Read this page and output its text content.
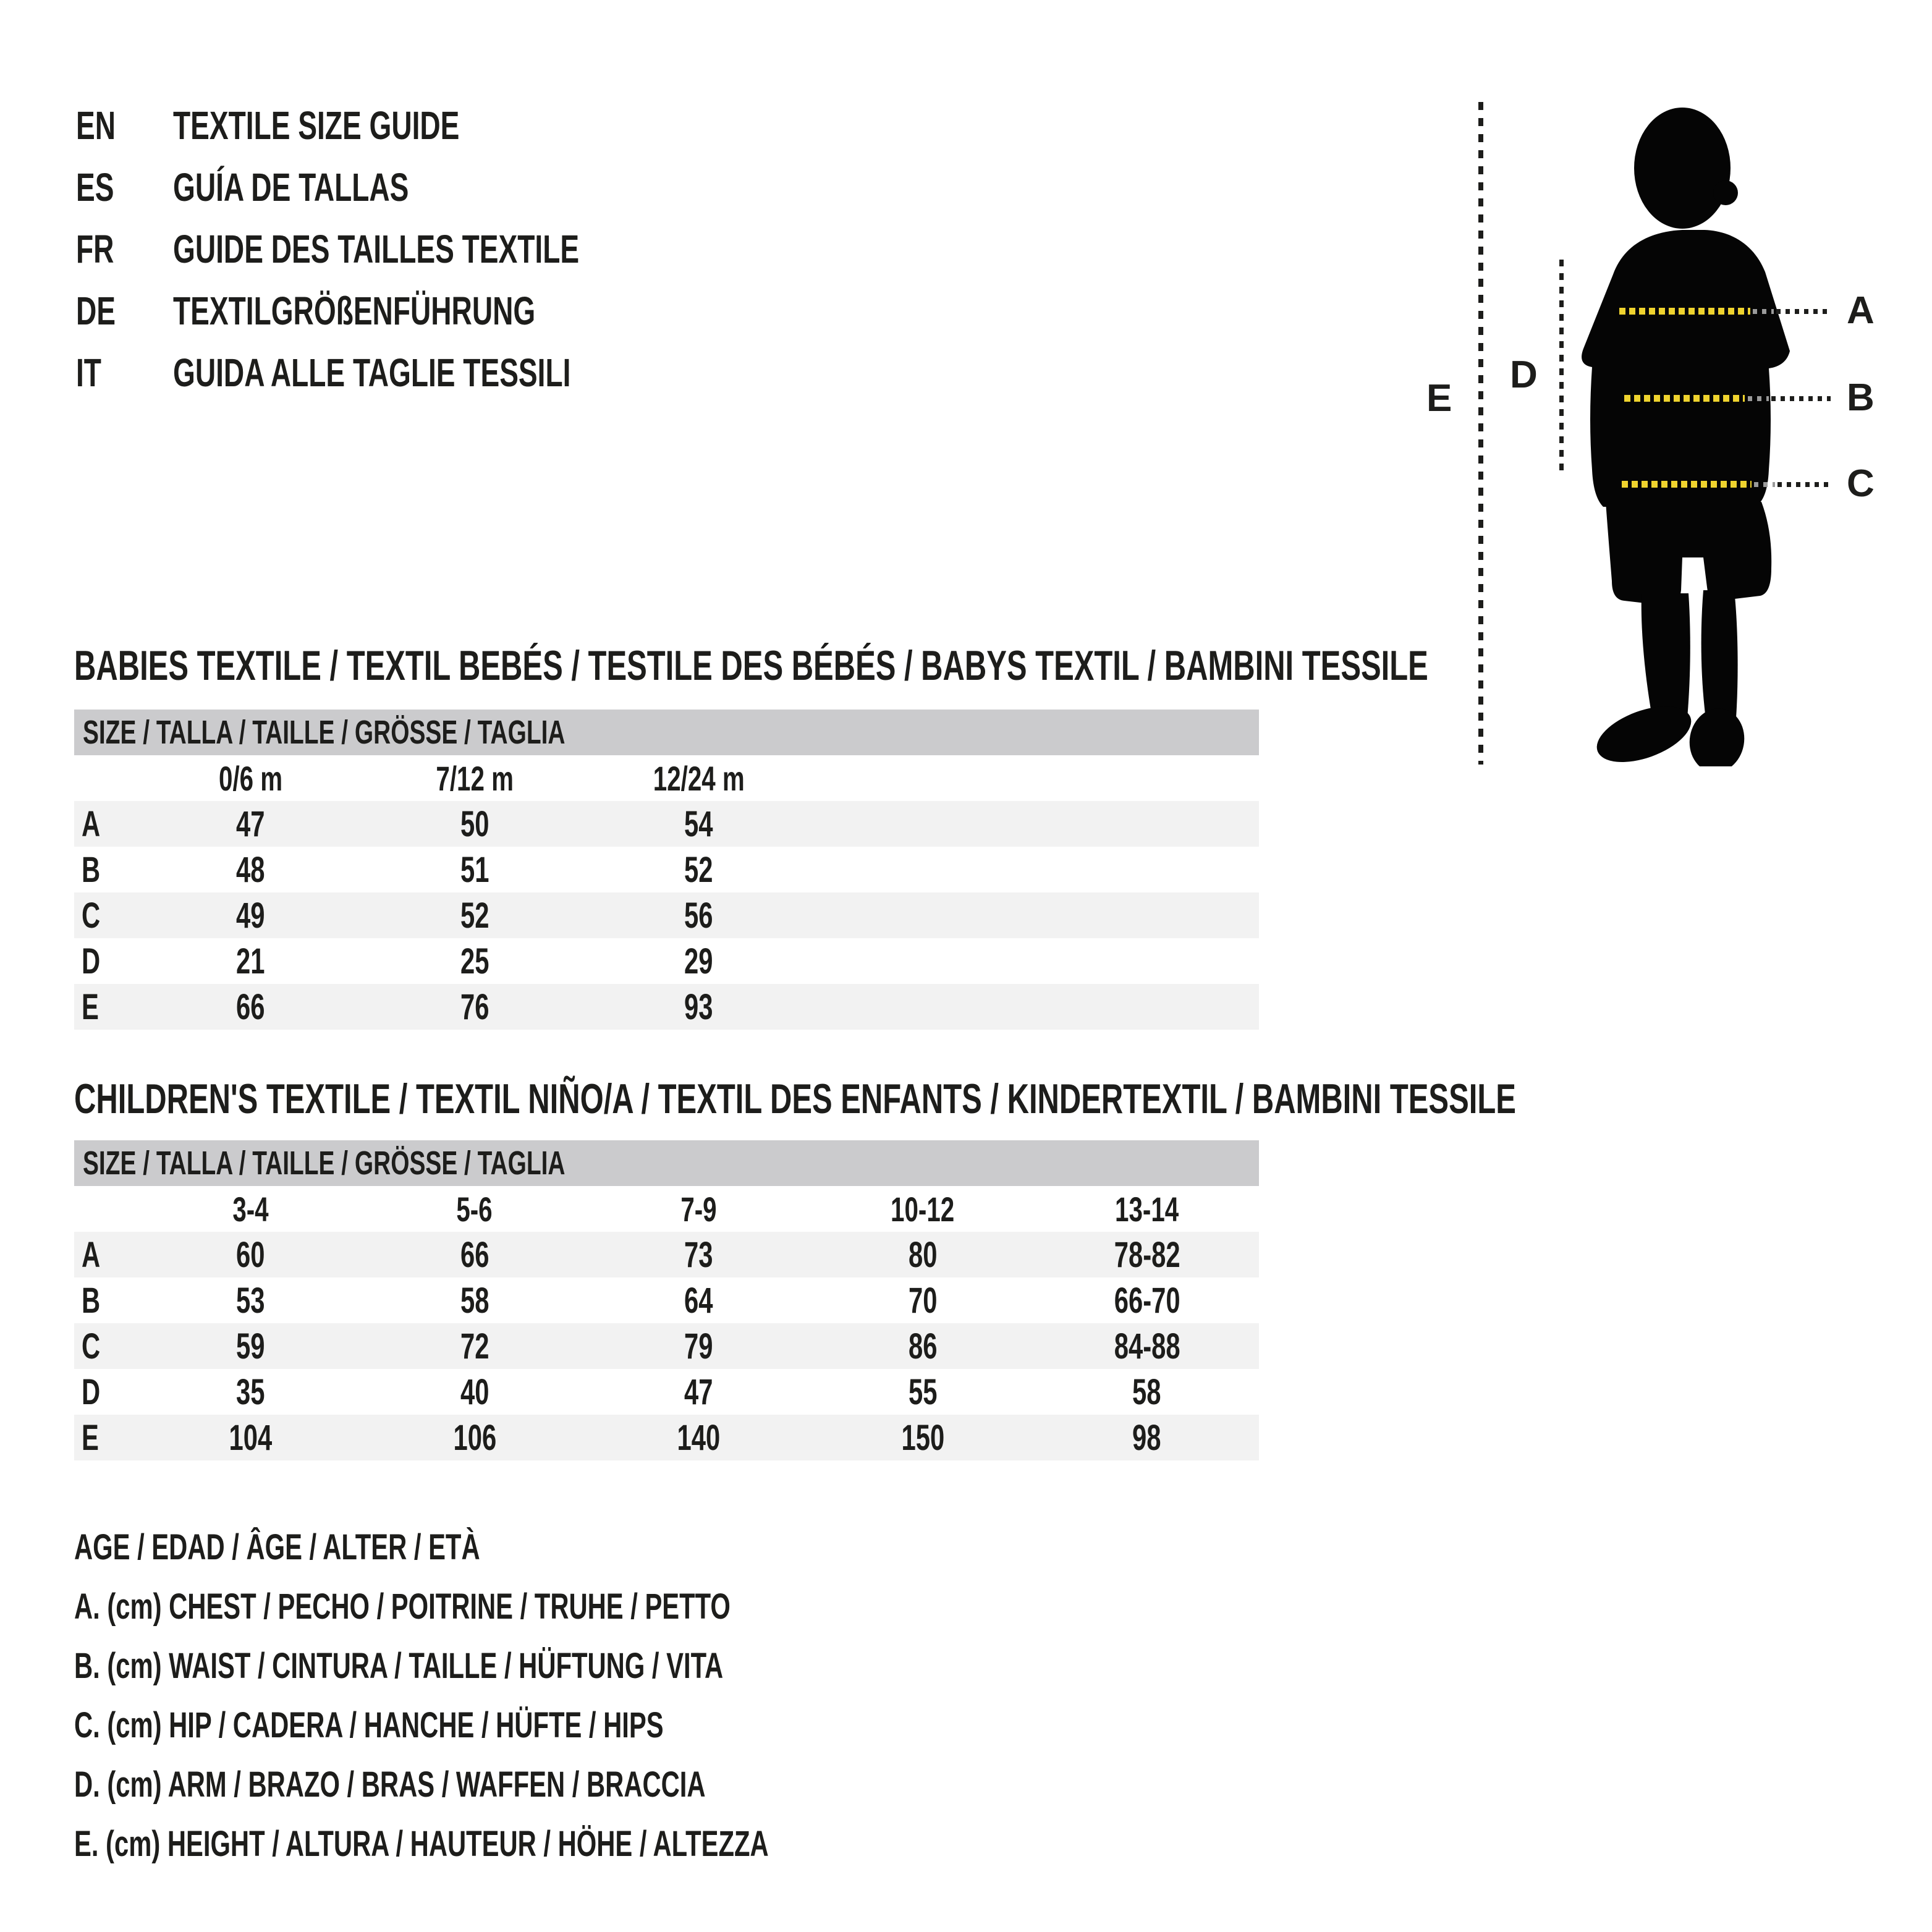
EN	TEXTILE SIZE GUIDE
ES	GUÍA DE TALLAS
FR	GUIDE DES TAILLES TEXTILE
DE	TEXTILGRÖßENFÜHRUNG
IT GUIDA ALLE TAGLIE TESSILI
E
D
A
B
C
BABIES TEXTILE / TEXTIL BEBÉS / TESTILE DES BÉBÉS / BABYS TEXTIL / BAMBINI TESSILE
SIZE / TALLA / TAILLE / GRÖSSE / TAGLIA
0/6 m	7/12 m	12/24 m
A	47	50	54
B	48	51	52
C	49	52	56
D	21	25	29
E	66	76	93
CHILDREN'S TEXTILE / TEXTIL NIÑO/A / TEXTIL DES ENFANTS / KINDERTEXTIL / BAMBINI TESSILE
SIZE / TALLA / TAILLE / GRÖSSE / TAGLIA
3-4	5-6	7-9	10-12	13-14
A	60	66	73	80	78-82
B	53	58	64	70	66-70
C	59	72	79	86	84-88
D	35	40	47	55	58
E	104	106	140	150	98
AGE / EDAD / ÂGE / ALTER / ETÀ
A. (cm) CHEST / PECHO / POITRINE / TRUHE / PETTO
B. (cm) WAIST / CINTURA / TAILLE / HÜFTUNG / VITA
C. (cm) HIP / CADERA / HANCHE / HÜFTE / HIPS
D. (cm) ARM / BRAZO / BRAS / WAFFEN / BRACCIA
E. (cm) HEIGHT / ALTURA / HAUTEUR / HÖHE / ALTEZZA
